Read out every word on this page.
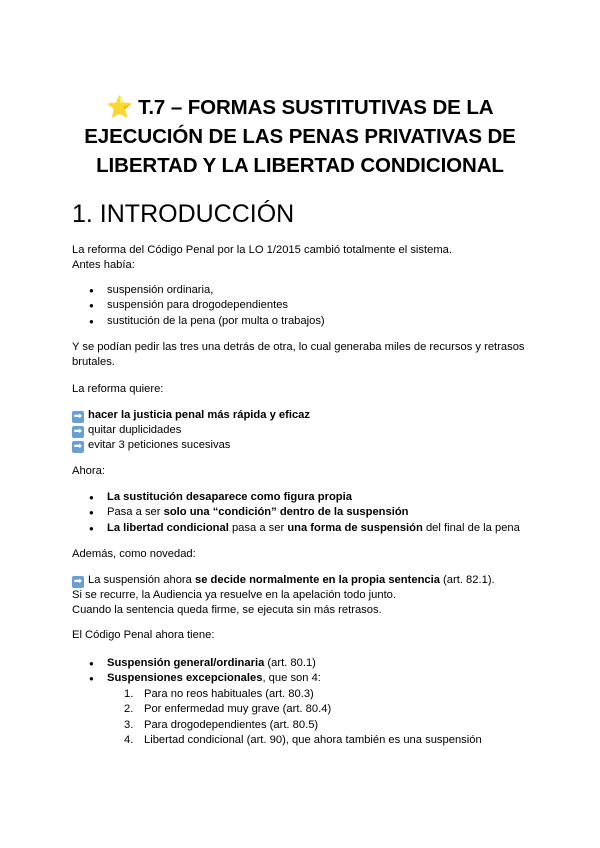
⭐ T.7 – FORMAS SUSTITUTIVAS DE LA EJECUCIÓN DE LAS PENAS PRIVATIVAS DE LIBERTAD Y LA LIBERTAD CONDICIONAL
1. INTRODUCCIÓN

La reforma del Código Penal por la LO 1/2015 cambió totalmente el sistema.
Antes había:

● suspensión ordinaria,
● suspensión para drogodependientes
● sustitución de la pena (por multa o trabajos)

Y se podían pedir las tres una detrás de otra, lo cual generaba miles de recursos y retrasos brutales.

La reforma quiere:

➡ hacer la justicia penal más rápida y eficaz
➡ quitar duplicidades
➡ evitar 3 peticiones sucesivas

Ahora:

● La sustitución desaparece como figura propia
● Pasa a ser solo una “condición” dentro de la suspensión
● La libertad condicional pasa a ser una forma de suspensión del final de la pena

Además, como novedad:

➡ La suspensión ahora se decide normalmente en la propia sentencia (art. 82.1).
Si se recurre, la Audiencia ya resuelve en la apelación todo junto.
Cuando la sentencia queda firme, se ejecuta sin más retrasos.

El Código Penal ahora tiene:

● Suspensión general/ordinaria (art. 80.1)
● Suspensiones excepcionales, que son 4:
1. Para no reos habituales (art. 80.3)
2. Por enfermedad muy grave (art. 80.4)
3. Para drogodependientes (art. 80.5)
4. Libertad condicional (art. 90), que ahora también es una suspensión
